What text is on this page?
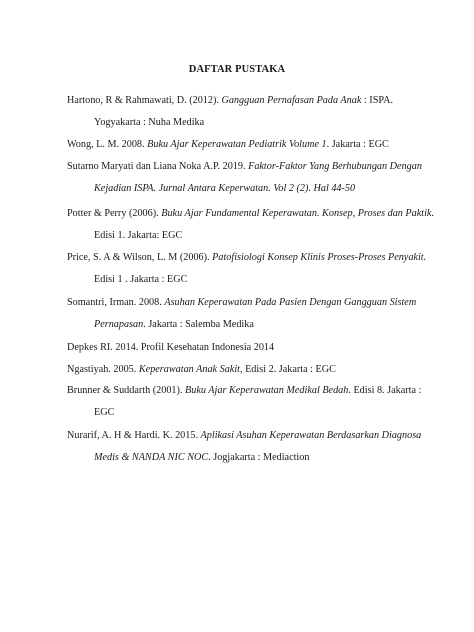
DAFTAR PUSTAKA
Hartono, R & Rahmawati, D. (2012). Gangguan Pernafasan Pada Anak : ISPA.
Yogyakarta : Nuha Medika
Wong, L. M. 2008. Buku Ajar Keperawatan Pediatrik Volume 1. Jakarta : EGC
Sutarno Maryati dan Liana Noka A.P. 2019. Faktor-Faktor Yang Berhubungan Dengan
Kejadian ISPA. Jurnal Antara Keperwatan. Vol 2 (2). Hal 44-50
Potter & Perry (2006). Buku Ajar Fundamental Keperawatan. Konsep, Proses dan Paktik.
Edisi 1. Jakarta: EGC
Price, S. A & Wilson, L. M (2006). Patofisiologi Konsep Klinis Proses-Proses Penyakit.
Edisi 1 . Jakarta : EGC
Somantri, Irman. 2008. Asuhan Keperawatan Pada Pasien Dengan Gangguan Sistem
Pernapasan. Jakarta : Salemba Medika
Depkes RI. 2014. Profil Kesehatan Indonesia 2014
Ngastiyah. 2005. Keperawatan Anak Sakit, Edisi 2. Jakarta : EGC
Brunner & Suddarth (2001). Buku Ajar Keperawatan Medikal Bedah. Edisi 8. Jakarta :
EGC
Nurarif, A. H & Hardi. K. 2015. Aplikasi Asuhan Keperawatan Berdasarkan Diagnosa
Medis & NANDA NIC NOC. Jogjakarta : Mediaction
